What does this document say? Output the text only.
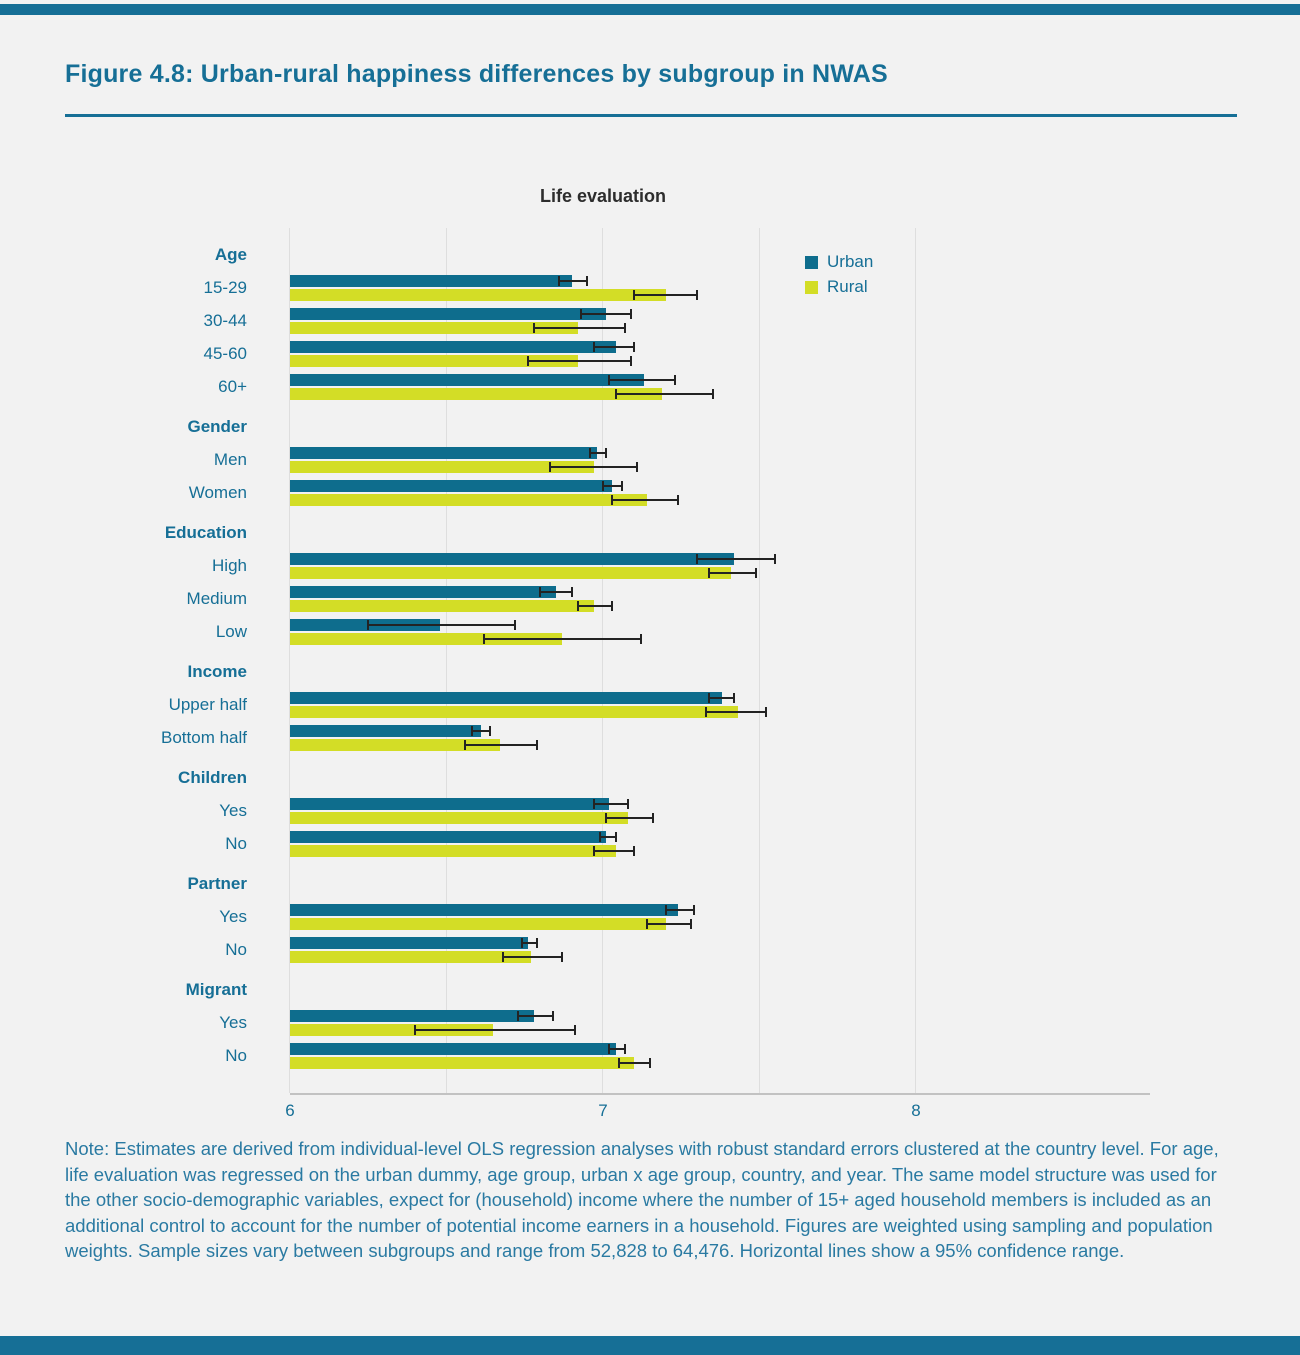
Figure 4.8: Urban-rural happiness differences by subgroup in NWAS
Life evaluation
6	7	8
Age
15-29
30-44
45-60
60+
Gender
Men
Women
Education
High
Medium
Low
Income
Upper half
Bottom half
Children
Yes
No
Partner
Yes
No
Migrant
Yes
No
Urban
Rural

Note: Estimates are derived from individual-level OLS regression analyses with robust standard errors clustered at the country level. For age, life evaluation was regressed on the urban dummy, age group, urban x age group, country, and year. The same model structure was used for the other socio-demographic variables, expect for (household) income where the number of 15+ aged household members is included as an additional control to account for the number of potential income earners in a household. Figures are weighted using sampling and population weights. Sample sizes vary between subgroups and range from 52,828 to 64,476. Horizontal lines show a 95% confidence range.
